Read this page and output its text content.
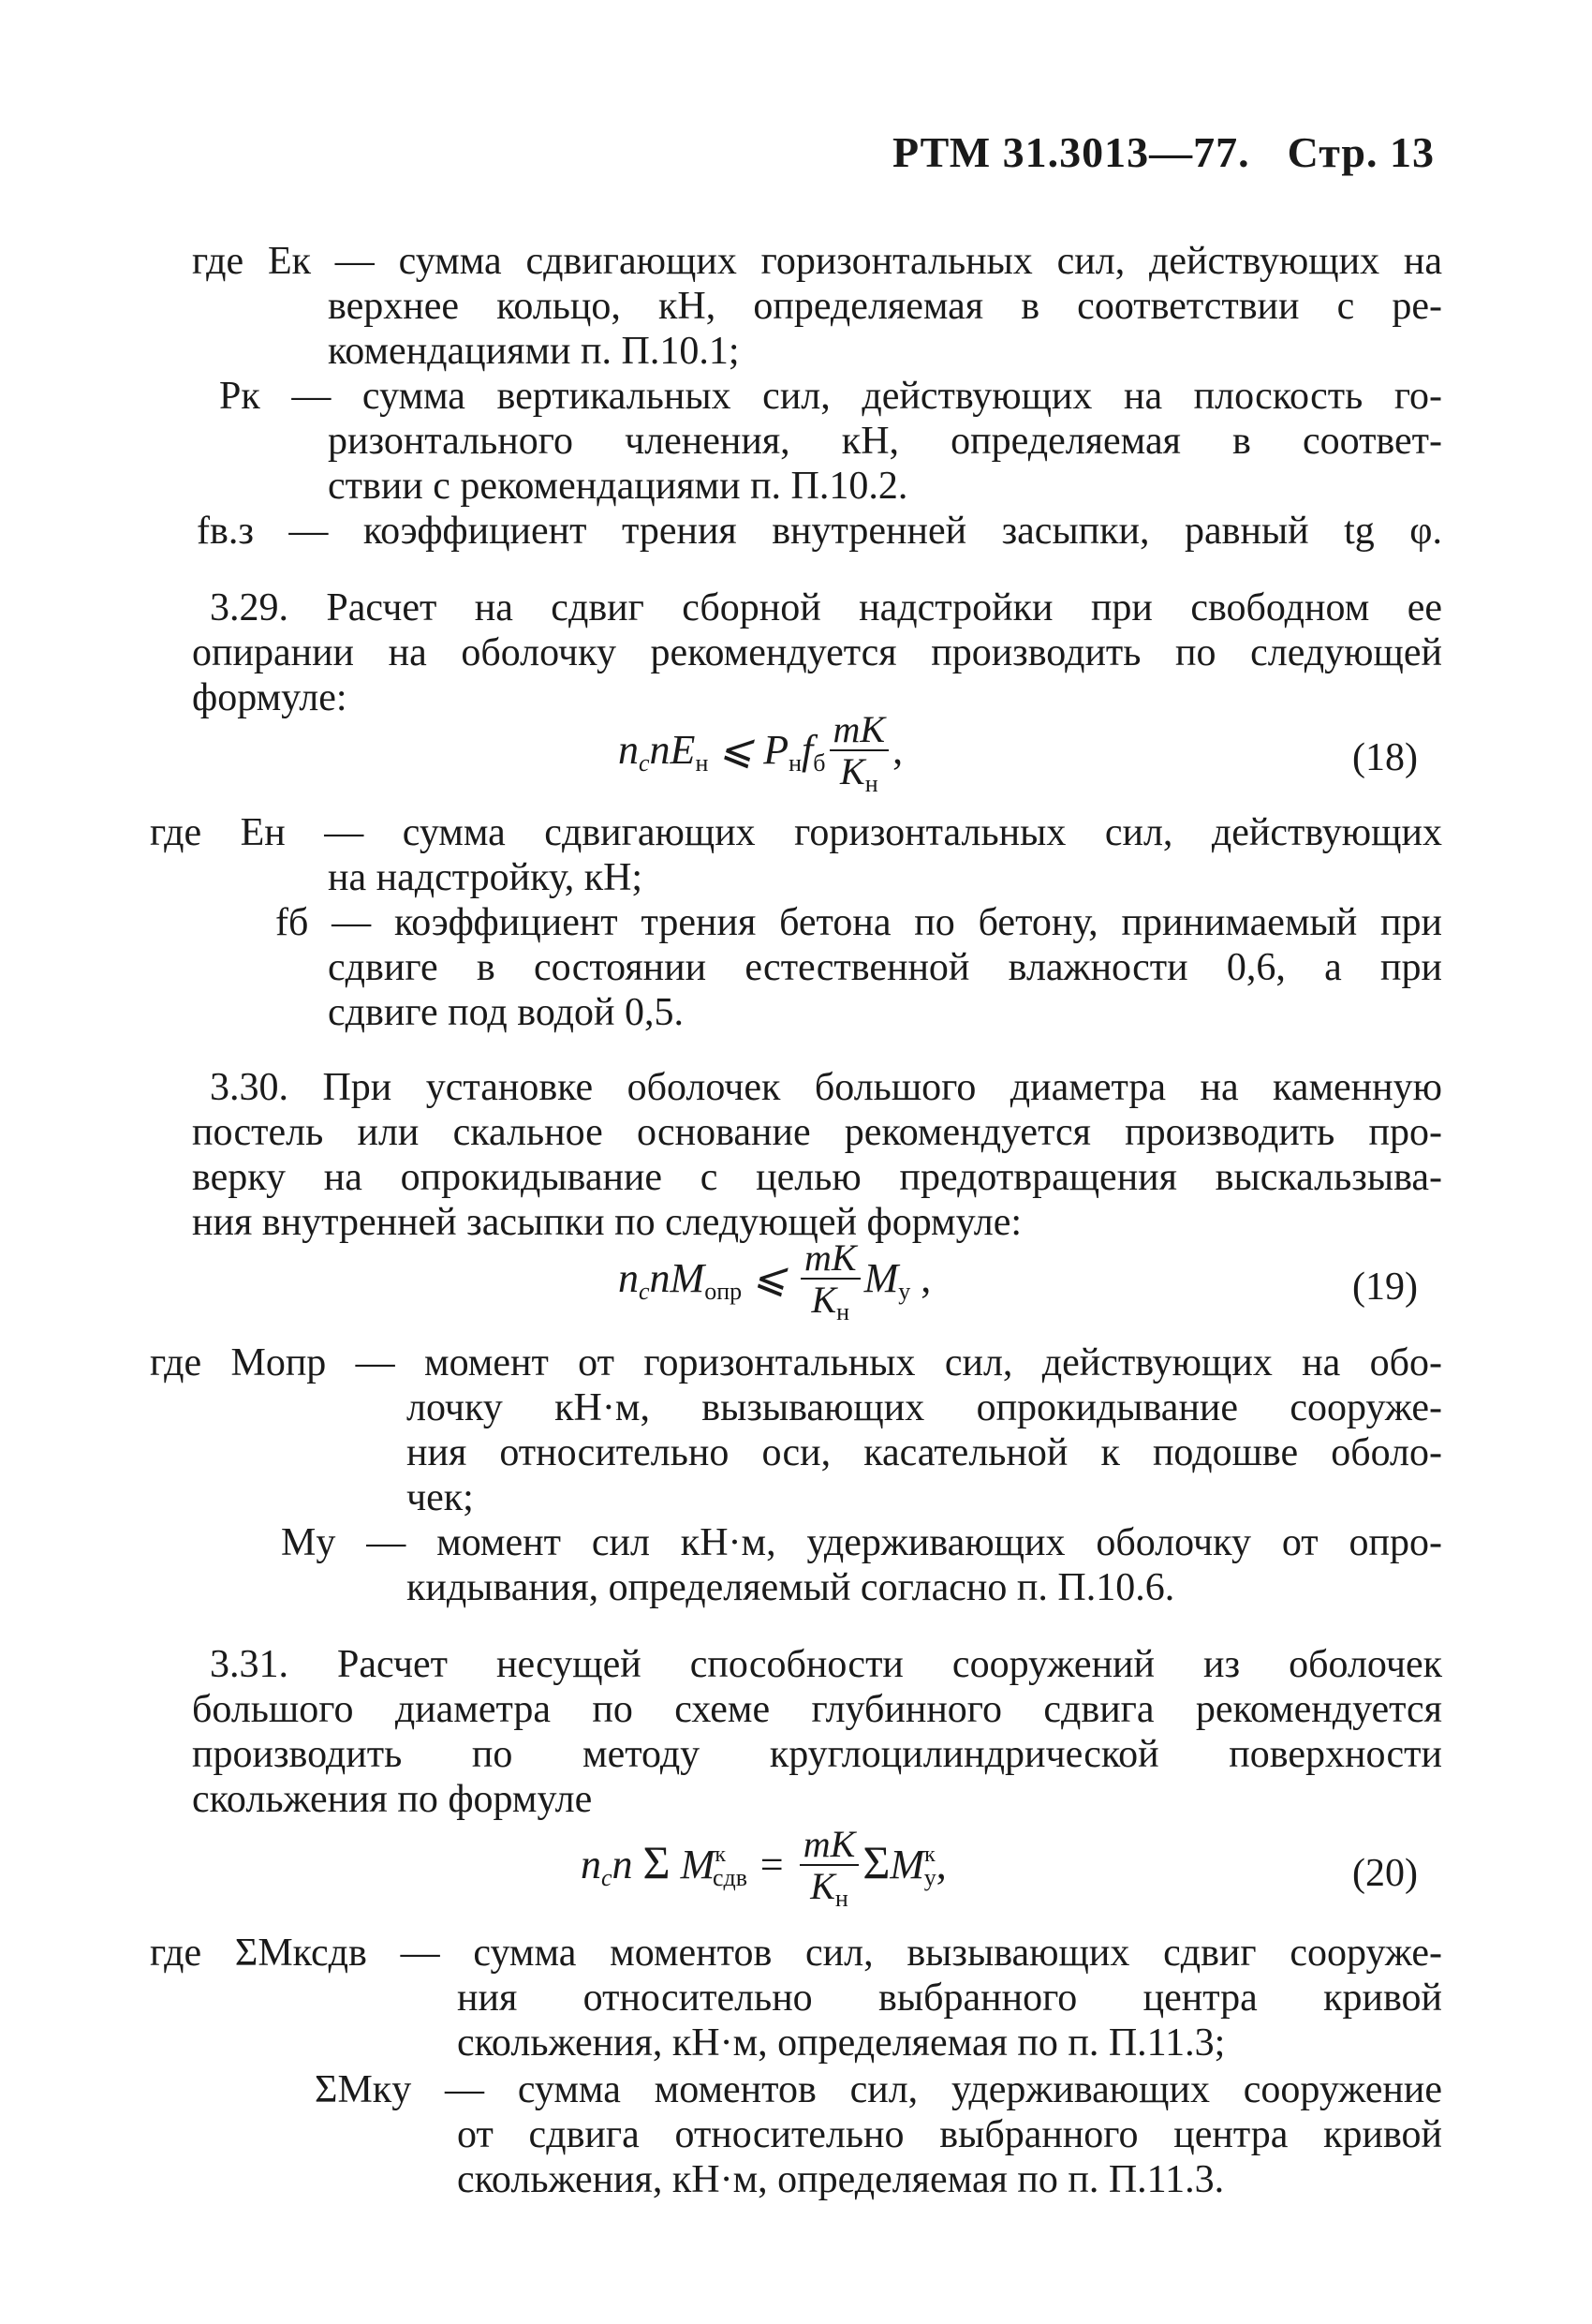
РТМ 31.3013—77. Стр. 13
где Eк — сумма сдвигающих горизонтальных сил, действующих на
верхнее кольцо, кН, определяемая в соответствии с ре-
комендациями п. П.10.1;
Pк — сумма вертикальных сил, действующих на плоскость го-
ризонтального членения, кН, определяемая в соответ-
ствии с рекомендациями п. П.10.2.
fв.з — коэффициент трения внутренней засыпки, равный tg φ.
3.29. Расчет на сдвиг сборной надстройки при свободном ее
опирании на оболочку рекомендуется производить по следующей
формуле:
ncnE$_н$ ⩽ $P_нf_б \frac{mK}{K_н}$ ,	(18)
где Eн — сумма сдвигающих горизонтальных сил, действующих
на надстройку, кН;
fб — коэффициент трения бетона по бетону, принимаемый при
сдвиге в состоянии естественной влажности 0,6, а при
сдвиге под водой 0,5.
3.30. При установке оболочек большого диаметра на каменную
постель или скальное основание рекомендуется производить про-
верку на опрокидывание с целью предотвращения выскальзыва-
ния внутренней засыпки по следующей формуле:
ncnM$_{опр}$ ⩽ $\frac{mK}{K_н} M_у$ ,	(19)
где Mопр — момент от горизонтальных сил, действующих на обо-
лочку кН·м, вызывающих опрокидывание сооруже-
ния относительно оси, касательной к подошве оболо-
чек;
My — момент сил кН·м, удерживающих оболочку от опро-
кидывания, определяемый согласно п. П.10.6.
3.31. Расчет несущей способности сооружений из оболочек
большого диаметра по схеме глубинного сдвига рекомендуется
производить по методу круглоцилиндрической поверхности
скольжения по формуле
ncn Σ $M^к_{сдв} = \frac{mK}{K_н} \Sigma M^к_у$,	(20)
где ΣMксдв — сумма моментов сил, вызывающих сдвиг сооруже-
ния относительно выбранного центра кривой
скольжения, кН·м, определяемая по п. П.11.3;
ΣMкy — сумма моментов сил, удерживающих сооружение
от сдвига относительно выбранного центра кривой
скольжения, кН·м, определяемая по п. П.11.3.
